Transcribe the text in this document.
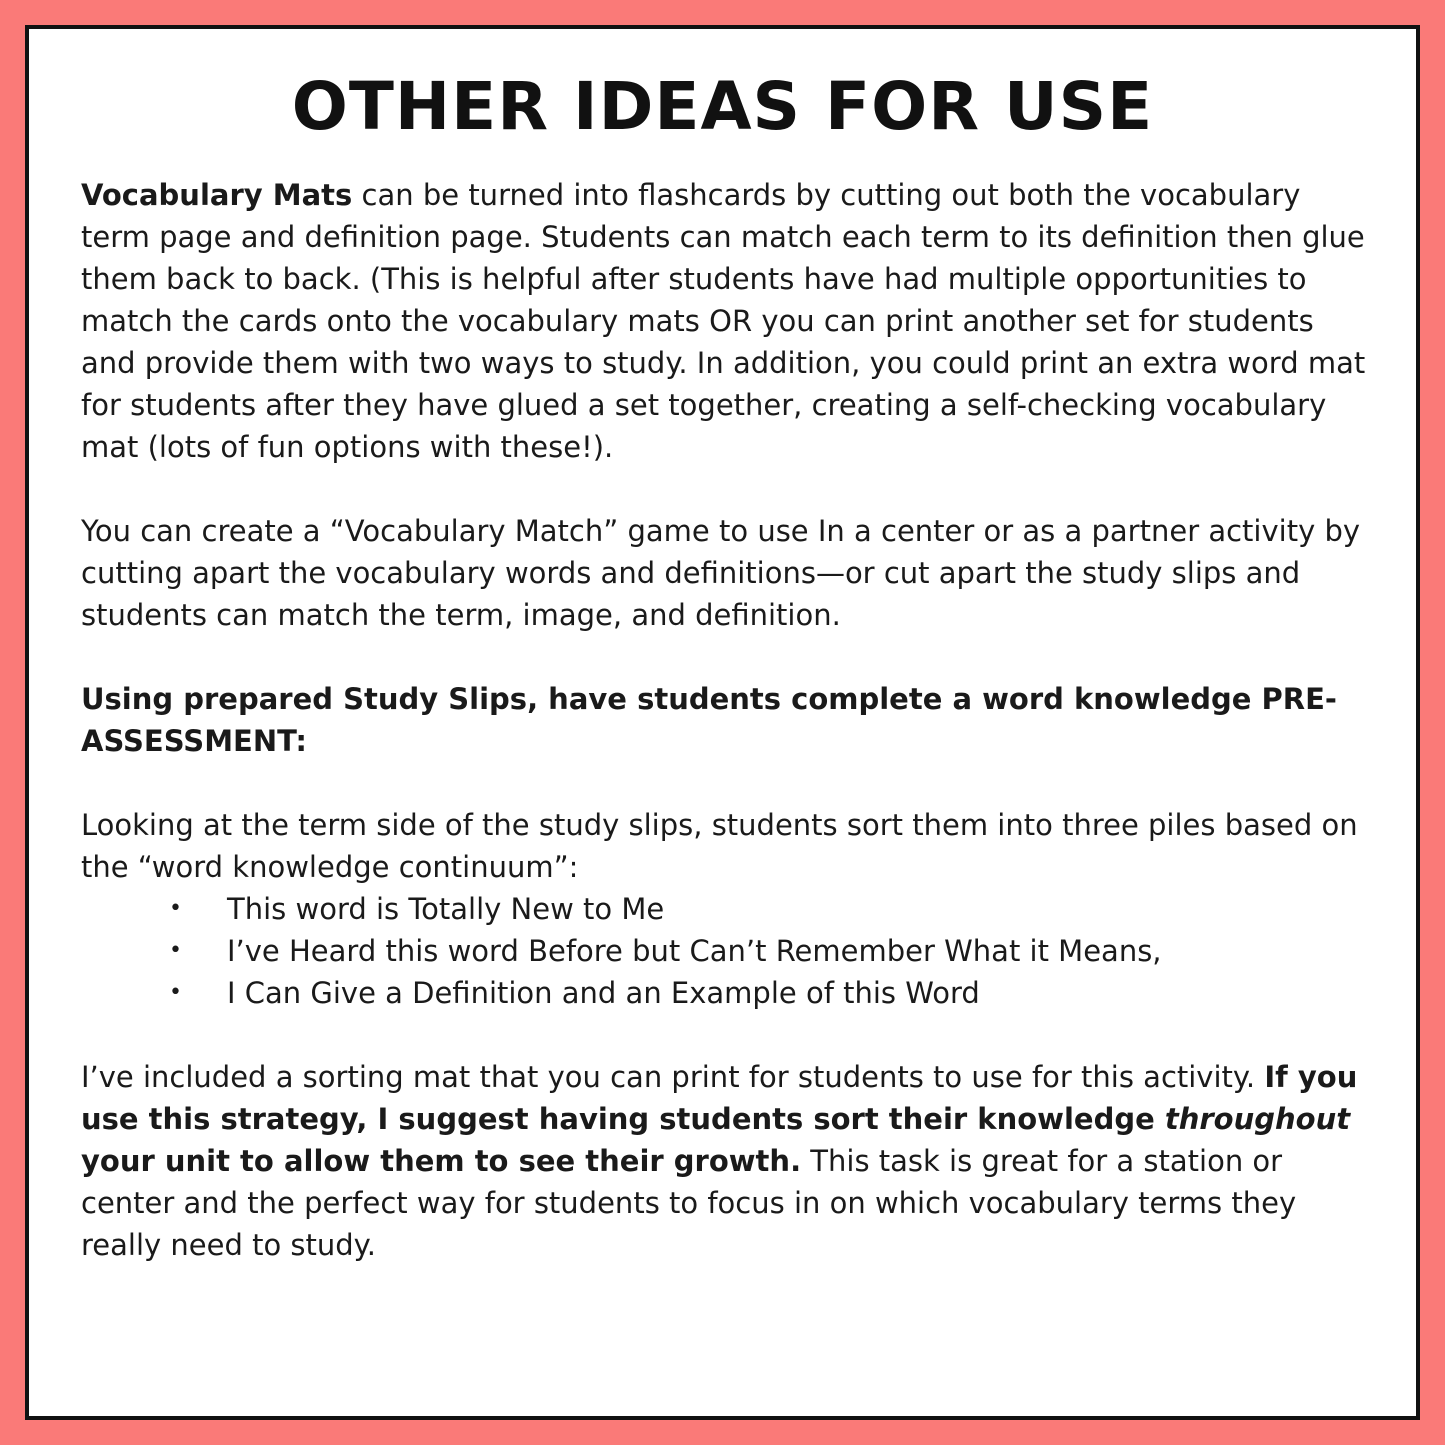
OTHER IDEAS FOR USE

Vocabulary Mats can be turned into flashcards by cutting out both the vocabulary term page and definition page. Students can match each term to its definition then glue them back to back. (This is helpful after students have had multiple opportunities to match the cards onto the vocabulary mats OR you can print another set for students and provide them with two ways to study. In addition, you could print an extra word mat for students after they have glued a set together, creating a self-checking vocabulary mat (lots of fun options with these!).

You can create a “Vocabulary Match” game to use In a center or as a partner activity by cutting apart the vocabulary words and definitions—or cut apart the study slips and students can match the term, image, and definition.

Using prepared Study Slips, have students complete a word knowledge PRE-ASSESSMENT:

Looking at the term side of the study slips, students sort them into three piles based on the “word knowledge continuum”:

• This word is Totally New to Me
• I’ve Heard this word Before but Can’t Remember What it Means,
• I Can Give a Definition and an Example of this Word

I’ve included a sorting mat that you can print for students to use for this activity. If you use this strategy, I suggest having students sort their knowledge throughout your unit to allow them to see their growth. This task is great for a station or center and the perfect way for students to focus in on which vocabulary terms they really need to study.
